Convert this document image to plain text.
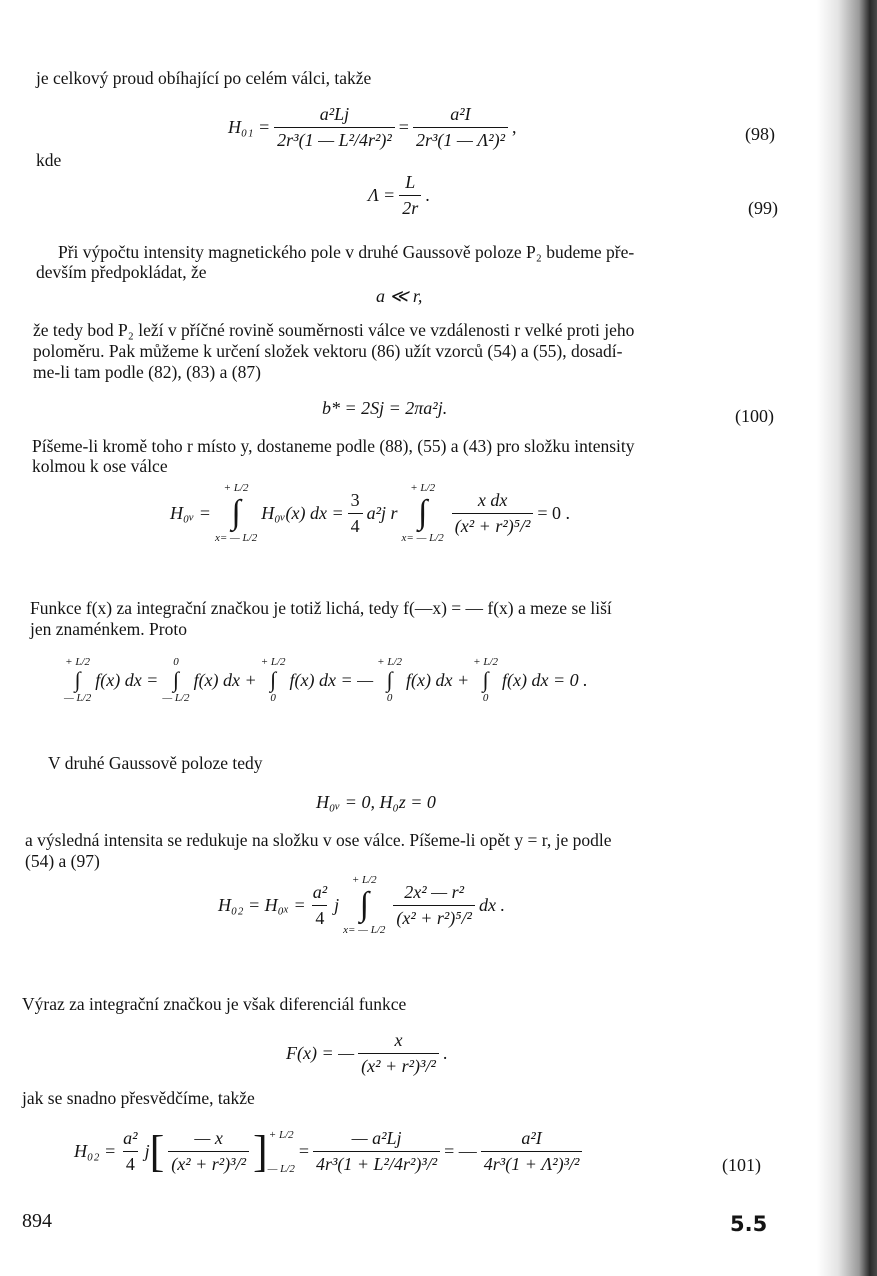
je celkový proud obíhající po celém válci, takže
$H_{01} = \frac{\text{a²Lj}}{\text{2r³(1 — L²/4r²)²}} = \frac{\text{a²I}}{\text{2r³(1 — Λ²)²}}$ ,	(98)
kde
$\Lambda = \frac{L}{2r}$ .
(99)
Při výpočtu intensity magnetického pole v druhé Gaussově poloze P₂ budeme pře-
devším předpokládat, že
a ≪ r,
že tedy bod P₂ leží v příčné rovině souměrnosti válce ve vzdálenosti r velké proti jeho
poloměru. Pak můžeme k určení složek vektoru (86) užít vzorců (54) a (55), dosadí-
me-li tam podle (82), (83) a (87)
b* = 2Sj = 2πa²j.	(100)
Píšeme-li kromě toho r místo y, dostaneme podle (88), (55) a (43) pro složku intensity
kolmou k ose válce
H₀ᵥ =
+ L/2
∫
x= — L/2
H₀ᵥ(x) dx = $\frac{3}{4} a^2j$ r
+ L/2
∫
x= — L/2
$\frac{\text{x dx}}{\text{(x² + r²)⁵/²}} = 0$ .
Funkce f(x) za integrační značkou je totiž lichá, tedy f(—x) = — f(x) a meze se liší
jen znaménkem. Proto
+ L/2
∫
— L/2
f(x) dx =
0
∫
— L/2
f(x) dx +
+ L/2
∫
0
f(x) dx = —
+ L/2
∫
0
f(x) dx +
+ L/2
∫
0
f(x) dx = 0 .
V druhé Gaussově poloze tedy
H₀ᵥ = 0, H₀z = 0
a výsledná intensita se redukuje na složku v ose válce. Píšeme-li opět y = r, je podle
(54) a (97)
$H_{02} = H_{0x} = \frac{\text{a²}}{4}$ j
+ L/2
∫
x= — L/2
$\frac{\text{2x² — r²}}{\text{(x² + r²)⁵/²}}$ dx .
Výraz za integrační značkou je však diferenciál funkce
F(x) = — $\frac{x}{\text{(x² + r²)³/²}}$ .
jak se snadno přesvědčíme, takže
$H_{02} = \frac{\text{a²}}{4}$ j [ $\frac{— x}{\text{(x² + r²)³/²}}$ ] + L/2
— L/2
= $\frac{\text{— a²Lj}}{\text{4r³(1 + L²/4r²)³/²}}$ = — $\frac{\text{a²I}}{\text{4r³(1 + Λ²)³/²}}$	(101)
894	5.5
